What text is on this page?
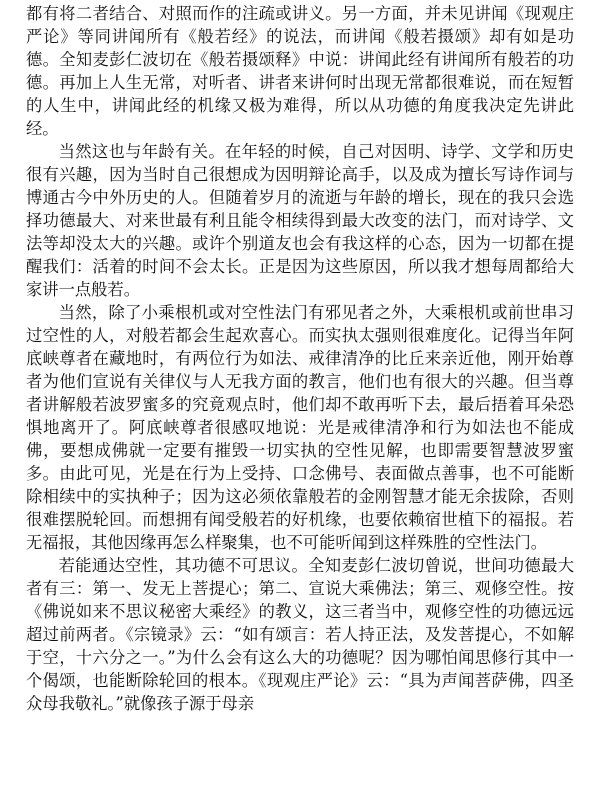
都有将二者结合、对照而作的注疏或讲义。另一方面，并未见讲闻《现观庄严论》等同讲闻所有《般若经》的说法，而讲闻《般若摄颂》却有如是功德。全知麦彭仁波切在《般若摄颂释》中说：讲闻此经有讲闻所有般若的功德。再加上人生无常，对听者、讲者来讲何时出现无常都很难说，而在短暂的人生中，讲闻此经的机缘又极为难得，所以从功德的角度我决定先讲此经。

当然这也与年龄有关。在年轻的时候，自己对因明、诗学、文学和历史很有兴趣，因为当时自己很想成为因明辩论高手，以及成为擅长写诗作词与博通古今中外历史的人。但随着岁月的流逝与年龄的增长，现在的我只会选择功德最大、对来世最有利且能令相续得到最大改变的法门，而对诗学、文法等却没太大的兴趣。或许个别道友也会有我这样的心态，因为一切都在提醒我们：活着的时间不会太长。正是因为这些原因，所以我才想每周都给大家讲一点般若。

当然，除了小乘根机或对空性法门有邪见者之外，大乘根机或前世串习过空性的人，对般若都会生起欢喜心。而实执太强则很难度化。记得当年阿底峡尊者在藏地时，有两位行为如法、戒律清净的比丘来亲近他，刚开始尊者为他们宣说有关律仪与人无我方面的教言，他们也有很大的兴趣。但当尊者讲解般若波罗蜜多的究竟观点时，他们却不敢再听下去，最后捂着耳朵恐惧地离开了。阿底峡尊者很感叹地说：光是戒律清净和行为如法也不能成佛，要想成佛就一定要有摧毁一切实执的空性见解，也即需要智慧波罗蜜多。由此可见，光是在行为上受持、口念佛号、表面做点善事，也不可能断除相续中的实执种子；因为这必须依靠般若的金刚智慧才能无余拔除，否则很难摆脱轮回。而想拥有闻受般若的好机缘，也要依赖宿世植下的福报。若无福报，其他因缘再怎么样聚集，也不可能听闻到这样殊胜的空性法门。

若能通达空性，其功德不可思议。全知麦彭仁波切曾说，世间功德最大者有三：第一、发无上菩提心；第二、宣说大乘佛法；第三、观修空性。按《佛说如来不思议秘密大乘经》的教义，这三者当中，观修空性的功德远远超过前两者。《宗镜录》云：“如有颂言：若人持正法，及发菩提心，不如解于空，十六分之一。”为什么会有这么大的功德呢？因为哪怕闻思修行其中一个偈颂，也能断除轮回的根本。《现观庄严论》云：“具为声闻菩萨佛，四圣众母我敬礼。”就像孩子源于母亲
